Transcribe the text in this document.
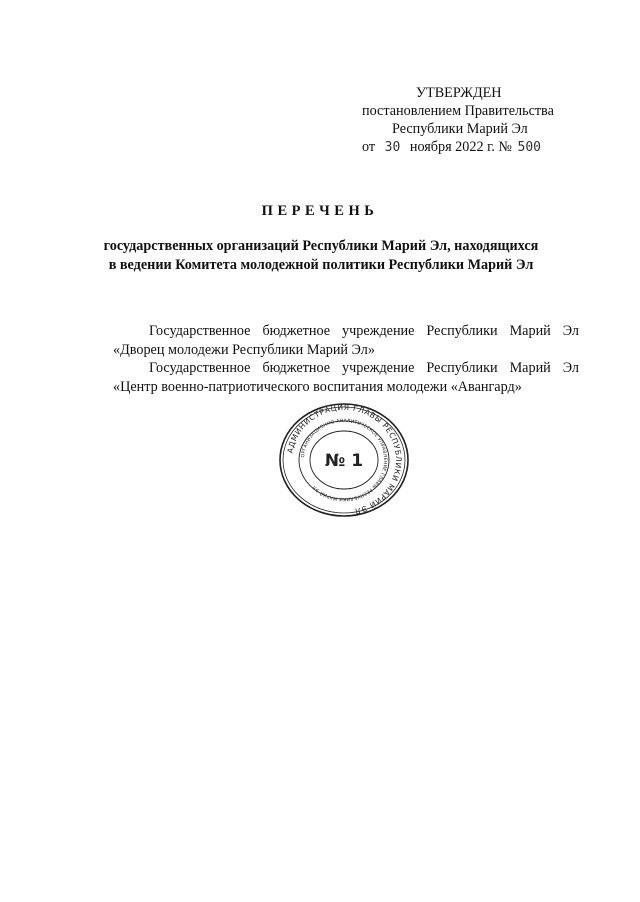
УТВЕРЖДЕН
постановлением Правительства
Республики Марий Эл
от 30 ноября 2022 г. № 500
ПЕРЕЧЕНЬ
государственных организаций Республики Марий Эл, находящихся
в ведении Комитета молодежной политики Республики Марий Эл
Государственное бюджетное учреждение Республики Марий Эл
«Дворец молодежи Республики Марий Эл»
Государственное бюджетное учреждение Республики Марий Эл
«Центр военно-патриотического воспитания молодежи «Авангард»
АДМИНИСТРАЦИЯ ГЛАВЫ РЕСПУБЛИКИ МАРИЙ ЭЛ
ОРГАНИЗАЦИОННО-АНАЛИТИЧЕСКОЕ УПРАВЛЕНИЕ ГЛАВЫ РЕСПУБЛИКИ МАРИЙ ЭЛ
№ 1
